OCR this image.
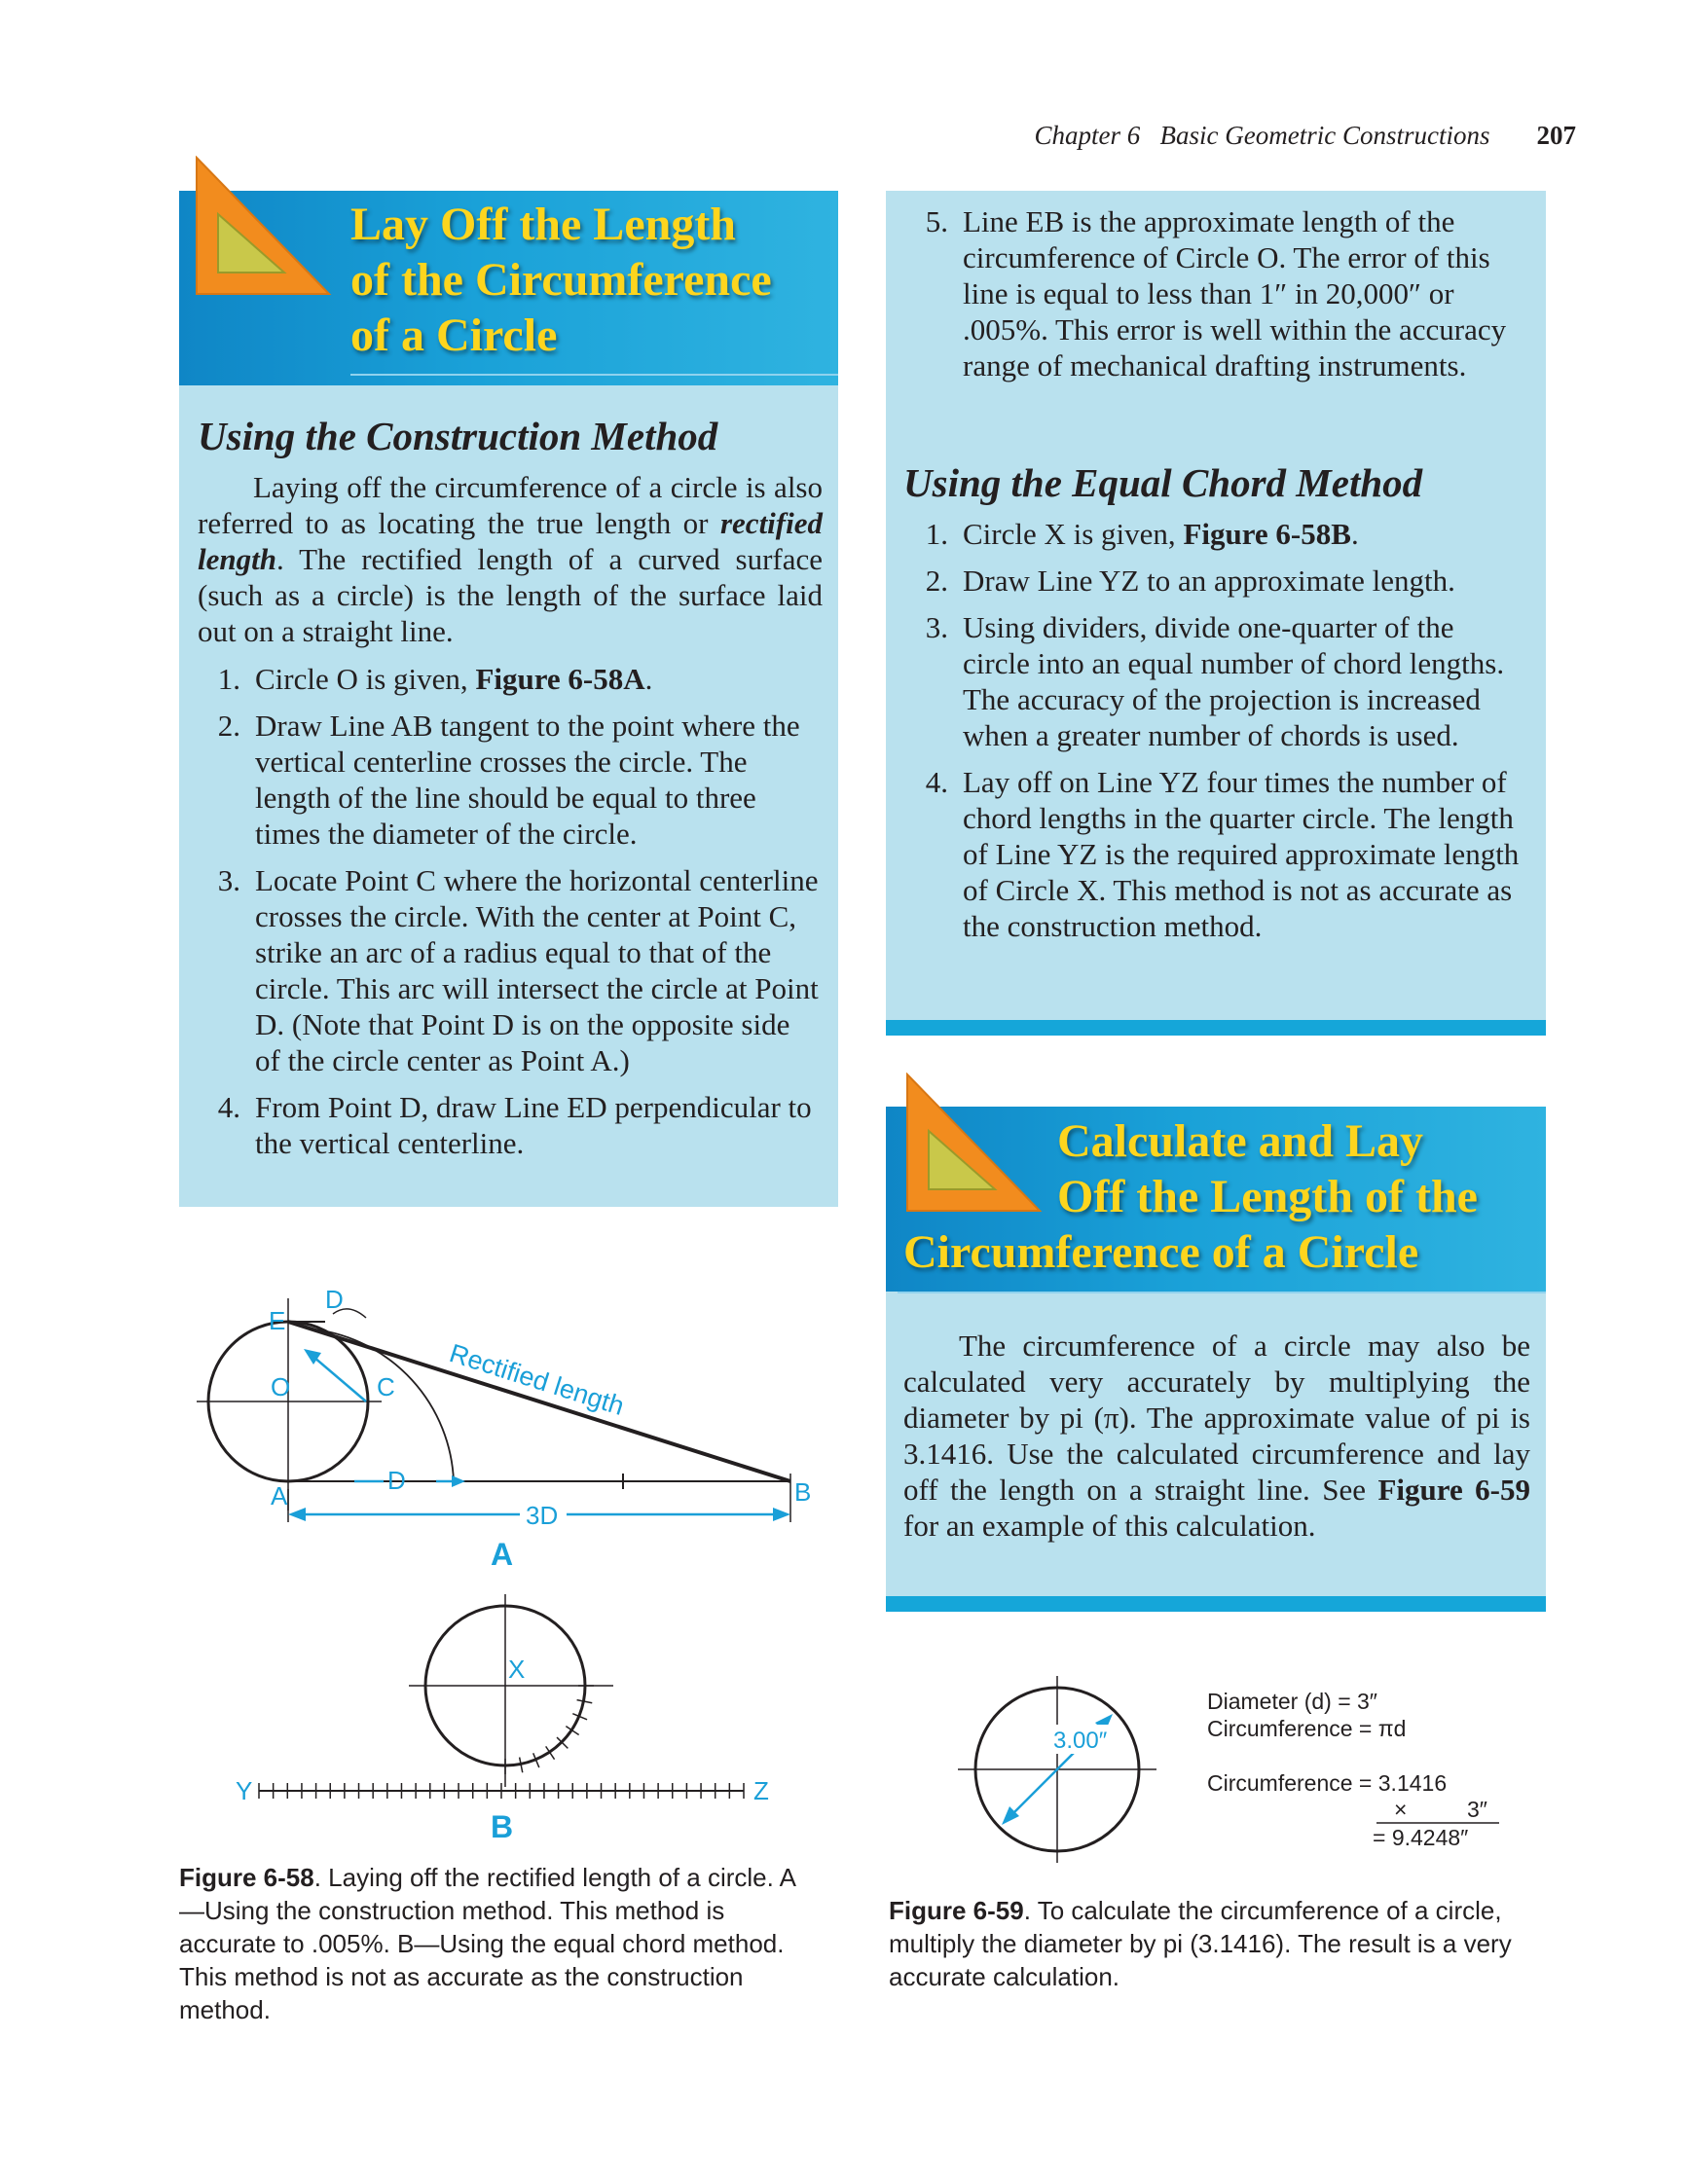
Chapter 6 Basic Geometric Constructions 207
Lay Off the Length
of the Circumference
of a Circle
Using the Construction Method

Laying off the circumference of a circle is also referred to as locating the true length or rectified length. The rectified length of a curved surface (such as a circle) is the length of the surface laid out on a straight line.

1. Circle O is given, Figure 6-58A.
2. Draw Line AB tangent to the point where the vertical centerline crosses the circle. The length of the line should be equal to three times the diameter of the circle.
3. Locate Point C where the horizontal centerline crosses the circle. With the center at Point C, strike an arc of a radius equal to that of the circle. This arc will intersect the circle at Point D. (Note that Point D is on the opposite side of the circle center as Point A.)
4. From Point D, draw Line ED perpendicular to the vertical centerline.
5. Line EB is the approximate length of the circumference of Circle O. The error of this line is equal to less than 1″ in 20,000″ or .005%. This error is well within the accuracy range of mechanical drafting instruments.
Using the Equal Chord Method
1. Circle X is given, Figure 6-58B.
2. Draw Line YZ to an approximate length.
3. Using dividers, divide one-quarter of the circle into an equal number of chord lengths. The accuracy of the projection is increased when a greater number of chords is used.
4. Lay off on Line YZ four times the number of chord lengths in the quarter circle. The length of Line YZ is the required approximate length of Circle X. This method is not as accurate as the construction method.
Calculate and Lay
Off the Length of the
Circumference of a Circle

The circumference of a circle may also be calculated very accurately by multiplying the diameter by pi (π). The approximate value of pi is 3.1416. Use the calculated circumference and lay off the length on a straight line. See Figure 6-59 for an example of this calculation.

D
E
O	C
A	B
D
Rectified length
3D
A
X
Y	Z
B
Figure 6-58. Laying off the rectified length of a circle. A—Using the construction method. This method is accurate to .005%. B—Using the equal chord method. This method is not as accurate as the construction method.
3.00″
Diameter (d) = 3″
Circumference = πd
Circumference = 3.1416
×	3″
= 9.4248″
Figure 6-59. To calculate the circumference of a circle, multiply the diameter by pi (3.1416). The result is a very accurate calculation.
